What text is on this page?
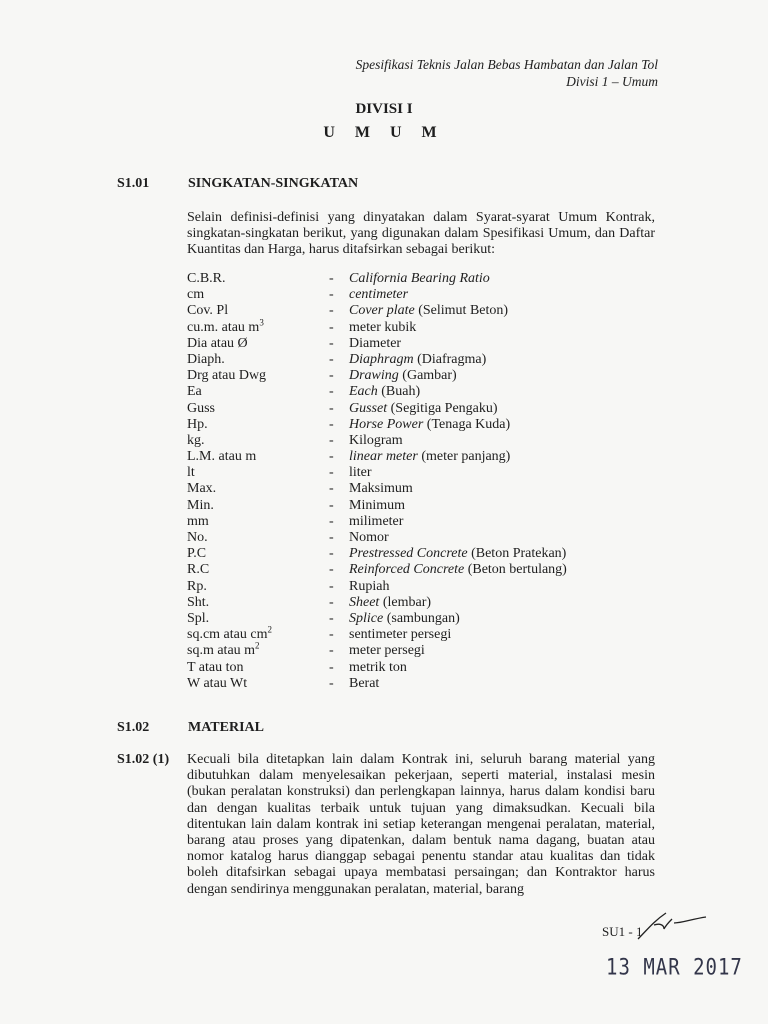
Spesifikasi Teknis Jalan Bebas Hambatan dan Jalan Tol
Divisi 1 – Umum
DIVISI I
U M U M
S1.01	SINGKATAN-SINGKATAN
Selain definisi-definisi yang dinyatakan dalam Syarat-syarat Umum Kontrak, singkatan-singkatan berikut, yang digunakan dalam Spesifikasi Umum, dan Daftar Kuantitas dan Harga, harus ditafsirkan sebagai berikut:
C.B.R.	- California Bearing Ratio
cm	- centimeter
Cov. Pl	- Cover plate (Selimut Beton)
cu.m. atau $m^3$	- meter kubik
Dia atau Ø	- Diameter
Diaph.	- Diaphragm (Diafragma)
Drg atau Dwg	- Drawing (Gambar)
Ea	- Each (Buah)
Guss	- Gusset (Segitiga Pengaku)
Hp.	- Horse Power (Tenaga Kuda)
kg.	- Kilogram
L.M. atau m	- linear meter (meter panjang)
lt	- liter
Max.	- Maksimum
Min.	- Minimum
mm	- milimeter
No.	- Nomor
P.C	- Prestressed Concrete (Beton Pratekan)
R.C	- Reinforced Concrete (Beton bertulang)
Rp.	- Rupiah
Sht.	- Sheet (lembar)
Spl.	- Splice (sambungan)
sq.cm atau $cm^2$	- sentimeter persegi
sq.m atau $m^2$	- meter persegi
T atau ton	- metrik ton
W atau Wt	- Berat
S1.02	MATERIAL
S1.02 (1) Kecuali bila ditetapkan lain dalam Kontrak ini, seluruh barang material yang dibutuhkan dalam menyelesaikan pekerjaan, seperti material, instalasi mesin (bukan peralatan konstruksi) dan perlengkapan lainnya, harus dalam kondisi baru dan dengan kualitas terbaik untuk tujuan yang dimaksudkan. Kecuali bila ditentukan lain dalam kontrak ini setiap keterangan mengenai peralatan, material, barang atau proses yang dipatenkan, dalam bentuk nama dagang, buatan atau nomor katalog harus dianggap sebagai penentu standar atau kualitas dan tidak boleh ditafsirkan sebagai upaya membatasi persaingan; dan Kontraktor harus dengan sendirinya menggunakan peralatan, material, barang
SU1 - 1
13 MAR 2017
